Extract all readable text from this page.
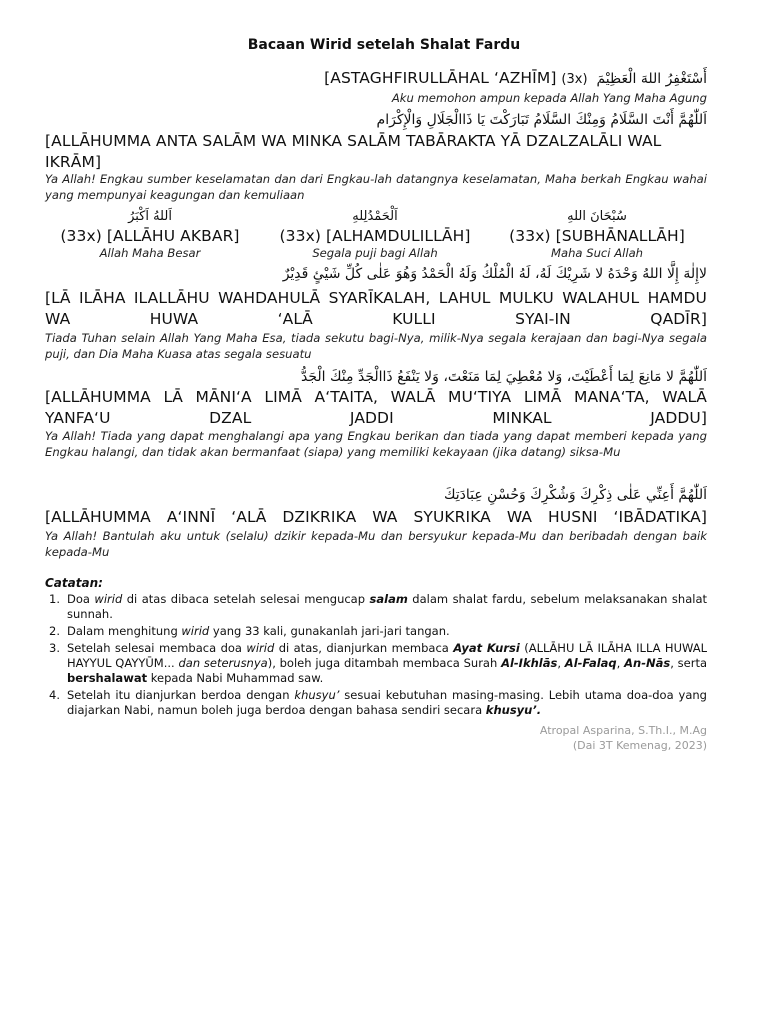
Bacaan Wirid setelah Shalat Fardu
[ASTAGHFIRULLĀHAL ‘AZHĪM] (3x) أَسْتَغْفِرُ اللهَ الْعَظِيْمَ
Aku memohon ampun kepada Allah Yang Maha Agung
اَللّٰهُمَّ أَنْتَ السَّلَامُ وَمِنْكَ السَّلَامُ تَبَارَكْتَ يَا ذَاالْجَلَالِ وَالْإِكْرَام
[ALLĀHUMMA ANTA SALĀM WA MINKA SALĀM TABĀRAKTA YĀ DZALZALĀLI WAL IKRĀM]
Ya Allah! Engkau sumber keselamatan dan dari Engkau-lah datangnya keselamatan, Maha berkah Engkau wahai yang mempunyai keagungan dan kemuliaan
اَللهُ اَكْبَرُ
(33x) [ALLĀHU AKBAR]
Allah Maha Besar
اَلْحَمْدُلِلهِ
(33x) [ALHAMDULILLĀH]
Segala puji bagi Allah
سُبْحَانَ اللهِ
(33x) [SUBHĀNALLĀH]
Maha Suci Allah
لاإِلٰهَ إِلَّا اللهُ وَحْدَهُ لا شَرِيْكَ لَهُ، لَهُ الْمُلْكُ وَلَهُ الْحَمْدُ وَهُوَ عَلٰى كُلِّ شَيْئٍ قَدِيْرٌ
[LĀ ILĀHA ILALLĀHU WAHDAHULĀ SYARĪKALAH, LAHUL MULKU WALAHUL HAMDU WA HUWA ‘ALĀ KULLI SYAI-IN QADĪR]
Tiada Tuhan selain Allah Yang Maha Esa, tiada sekutu bagi-Nya, milik-Nya segala kerajaan dan bagi-Nya segala puji, dan Dia Maha Kuasa atas segala sesuatu
اَللّٰهُمَّ لا مَانِعَ لِمَا أَعْطَيْتَ، وَلا مُعْطِيَ لِمَا مَنَعْتَ، وَلا يَنْفَعُ ذَاالْجَدِّ مِنْكَ الْجَدُّ
[ALLĀHUMMA LĀ MĀNI‘A LIMĀ A‘TAITA, WALĀ MU‘TIYA LIMĀ MANA‘TA, WALĀ YANFA‘U DZAL JADDI MINKAL JADDU]
Ya Allah! Tiada yang dapat menghalangi apa yang Engkau berikan dan tiada yang dapat memberi kepada yang Engkau halangi, dan tidak akan bermanfaat (siapa) yang memiliki kekayaan (jika datang) siksa-Mu
اَللّٰهُمَّ أَعِنِّي عَلٰى ذِكْرِكَ وَشُكْرِكَ وَحُسْنِ عِبَادَتِكَ
[ALLĀHUMMA A‘INNĪ ‘ALĀ DZIKRIKA WA SYUKRIKA WA HUSNI ‘IBĀDATIKA]
Ya Allah! Bantulah aku untuk (selalu) dzikir kepada-Mu dan bersyukur kepada-Mu dan beribadah dengan baik kepada-Mu
Catatan:
1. Doa wirid di atas dibaca setelah selesai mengucap salam dalam shalat fardu, sebelum melaksanakan shalat sunnah.
2. Dalam menghitung wirid yang 33 kali, gunakanlah jari-jari tangan.
3. Setelah selesai membaca doa wirid di atas, dianjurkan membaca Ayat Kursi (ALLĀHU LĀ ILĀHA ILLA HUWAL HAYYUL QAYYŪM... dan seterusnya), boleh juga ditambah membaca Surah Al-Ikhlās, Al-Falaq, An-Nās, serta bershalawat kepada Nabi Muhammad saw.
4. Setelah itu dianjurkan berdoa dengan khusyu’ sesuai kebutuhan masing-masing. Lebih utama doa-doa yang diajarkan Nabi, namun boleh juga berdoa dengan bahasa sendiri secara khusyu’.
Atropal Asparina, S.Th.I., M.Ag
(Dai 3T Kemenag, 2023)
